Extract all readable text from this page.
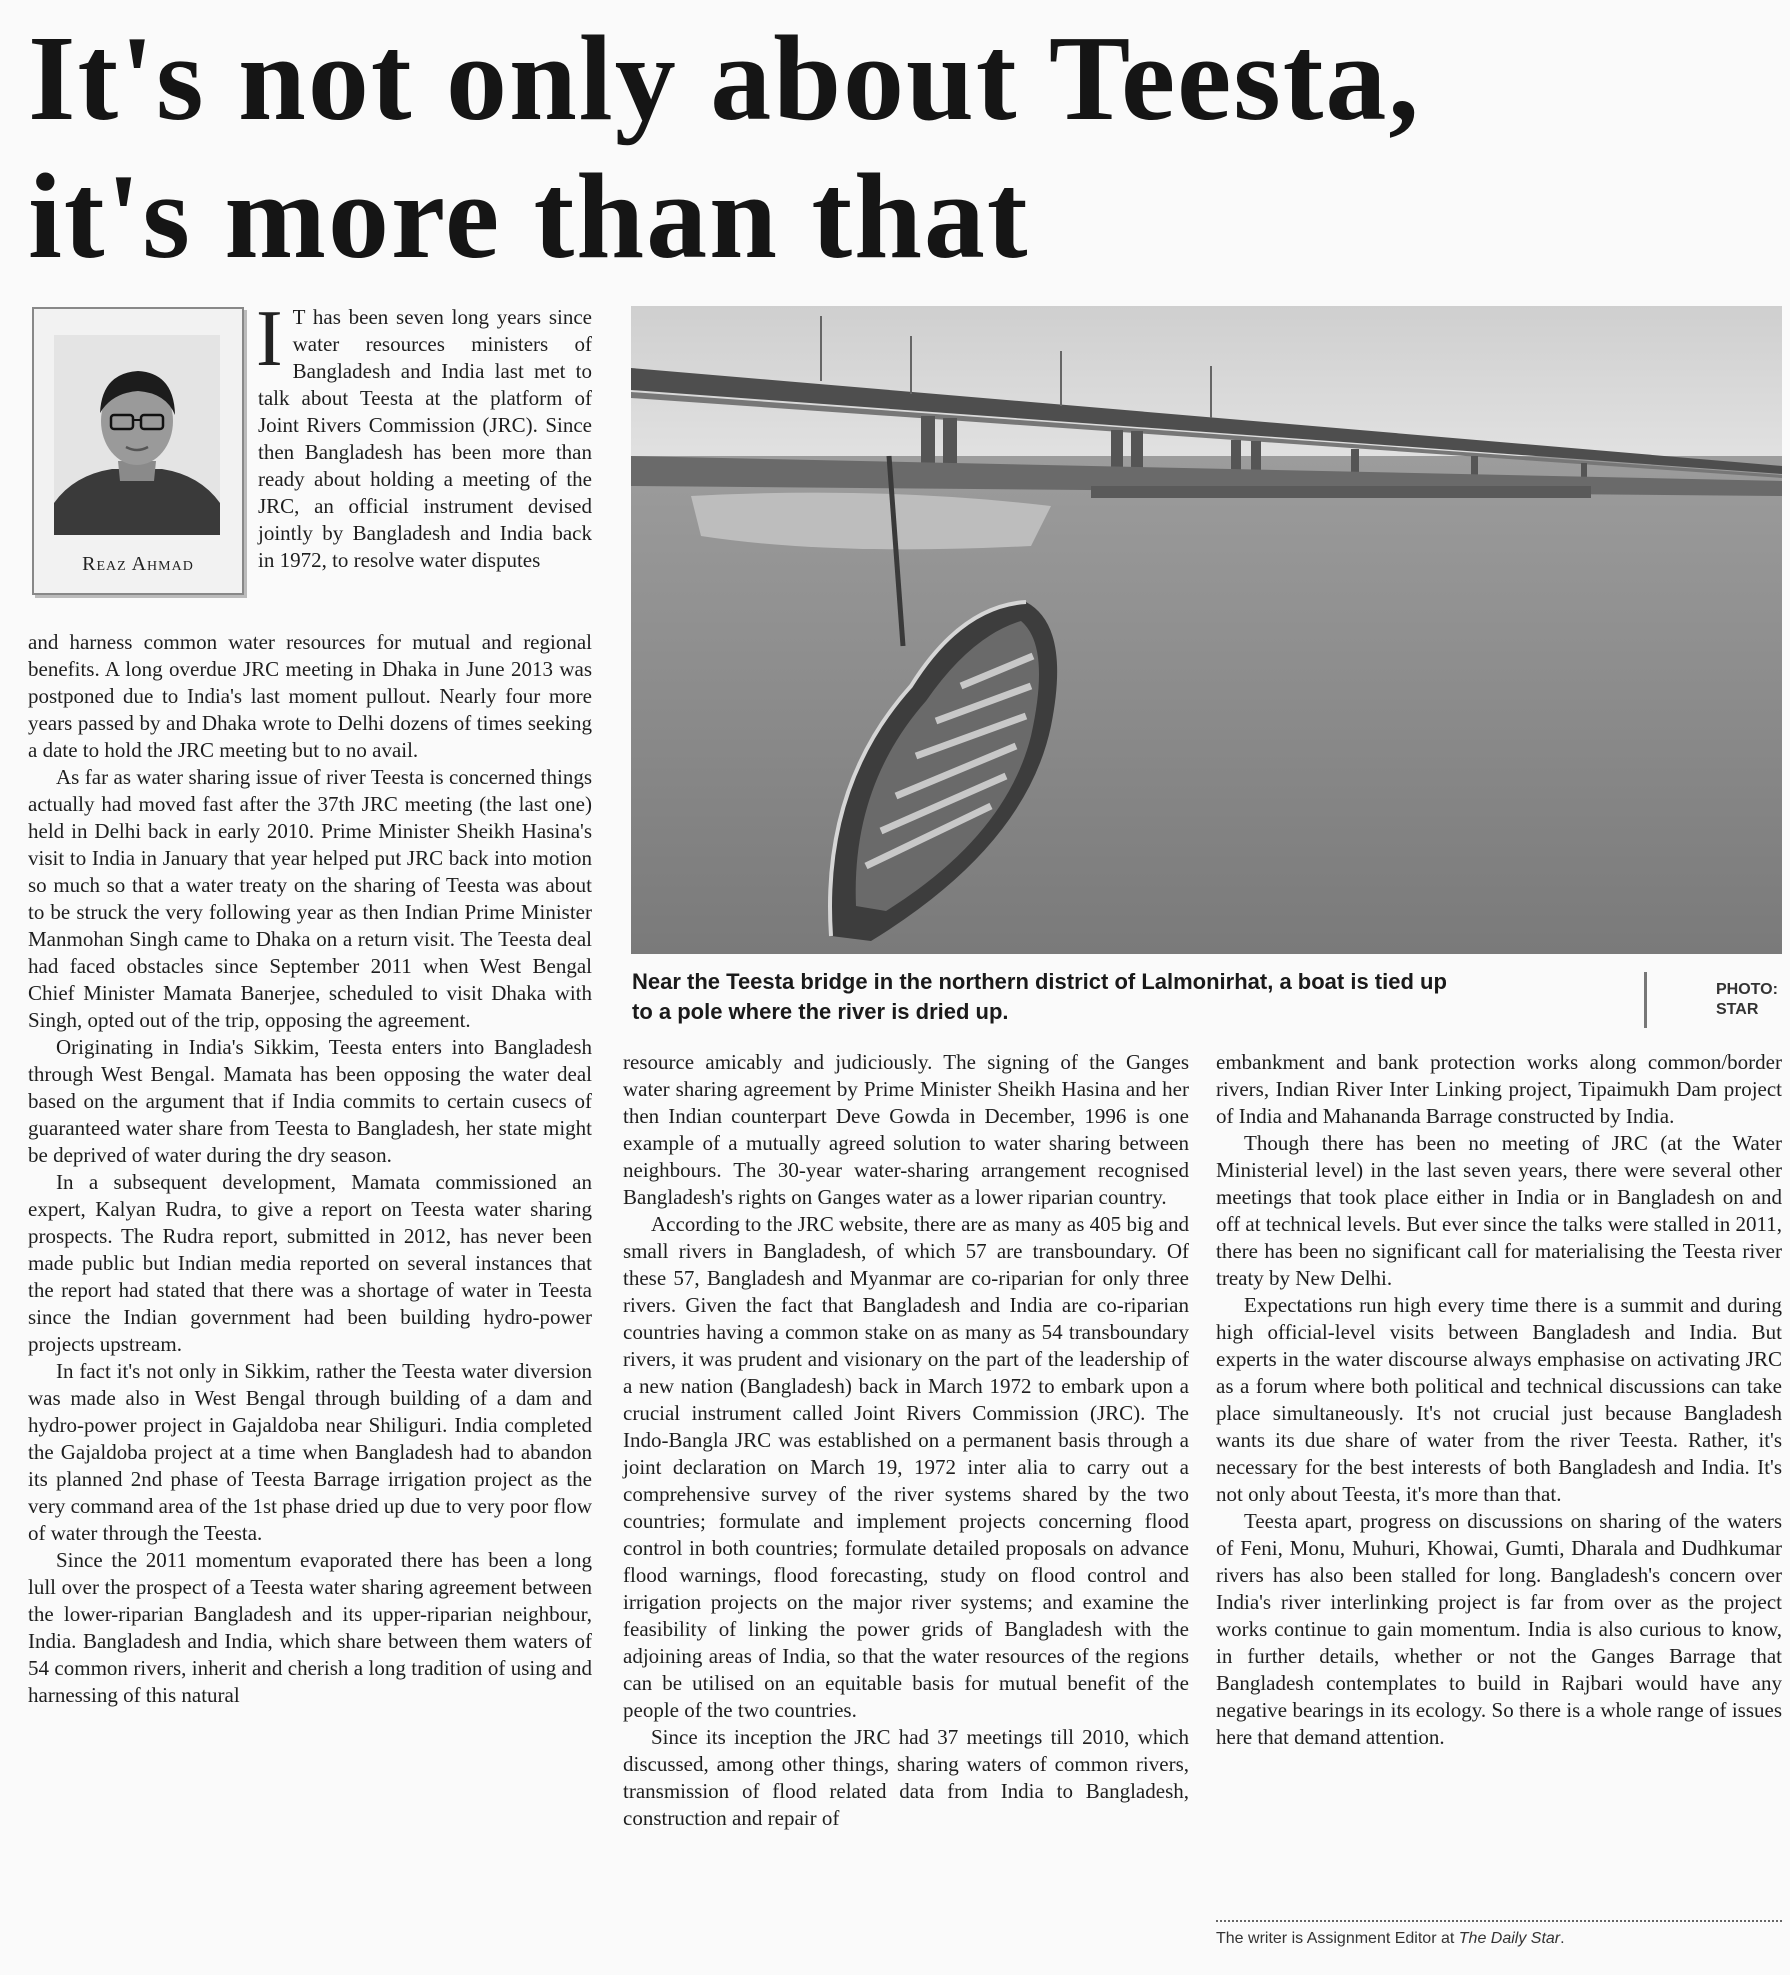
It's not only about Teesta,
it's more than that
Reaz Ahmad
I T has been seven long years since water resources ministers of Bangladesh and India last met to talk about Teesta at the platform of Joint Rivers Commission (JRC). Since then Bangladesh has been more than ready about holding a meeting of the JRC, an official instrument devised jointly by Bangladesh and India back in 1972, to resolve water disputes

and harness common water resources for mutual and regional benefits. A long overdue JRC meeting in Dhaka in June 2013 was postponed due to India's last moment pullout. Nearly four more years passed by and Dhaka wrote to Delhi dozens of times seeking a date to hold the JRC meeting but to no avail.

As far as water sharing issue of river Teesta is concerned things actually had moved fast after the 37th JRC meeting (the last one) held in Delhi back in early 2010. Prime Minister Sheikh Hasina's visit to India in January that year helped put JRC back into motion so much so that a water treaty on the sharing of Teesta was about to be struck the very following year as then Indian Prime Minister Manmohan Singh came to Dhaka on a return visit. The Teesta deal had faced obstacles since September 2011 when West Bengal Chief Minister Mamata Banerjee, scheduled to visit Dhaka with Singh, opted out of the trip, opposing the agreement.

Originating in India's Sikkim, Teesta enters into Bangladesh through West Bengal. Mamata has been opposing the water deal based on the argument that if India commits to certain cusecs of guaranteed water share from Teesta to Bangladesh, her state might be deprived of water during the dry season.

In a subsequent development, Mamata commissioned an expert, Kalyan Rudra, to give a report on Teesta water sharing prospects. The Rudra report, submitted in 2012, has never been made public but Indian media reported on several instances that the report had stated that there was a shortage of water in Teesta since the Indian government had been building hydro-power projects upstream.

In fact it's not only in Sikkim, rather the Teesta water diversion was made also in West Bengal through building of a dam and hydro-power project in Gajaldoba near Shiliguri. India completed the Gajaldoba project at a time when Bangladesh had to abandon its planned 2nd phase of Teesta Barrage irrigation project as the very command area of the 1st phase dried up due to very poor flow of water through the Teesta.

Since the 2011 momentum evaporated there has been a long lull over the prospect of a Teesta water sharing agreement between the lower-riparian Bangladesh and its upper-riparian neighbour, India. Bangladesh and India, which share between them waters of 54 common rivers, inherit and cherish a long tradition of using and harnessing of this natural

Near the Teesta bridge in the northern district of Lalmonirhat, a boat is tied up
to a pole where the river is dried up.
PHOTO:
STAR

resource amicably and judiciously. The signing of the Ganges water sharing agreement by Prime Minister Sheikh Hasina and her then Indian counterpart Deve Gowda in December, 1996 is one example of a mutually agreed solution to water sharing between neighbours. The 30-year water-sharing arrangement recognised Bangladesh's rights on Ganges water as a lower riparian country.

According to the JRC website, there are as many as 405 big and small rivers in Bangladesh, of which 57 are transboundary. Of these 57, Bangladesh and Myanmar are co-riparian for only three rivers. Given the fact that Bangladesh and India are co-riparian countries having a common stake on as many as 54 transboundary rivers, it was prudent and visionary on the part of the leadership of a new nation (Bangladesh) back in March 1972 to embark upon a crucial instrument called Joint Rivers Commission (JRC). The Indo-Bangla JRC was established on a permanent basis through a joint declaration on March 19, 1972 inter alia to carry out a comprehensive survey of the river systems shared by the two countries; formulate and implement projects concerning flood control in both countries; formulate detailed proposals on advance flood warnings, flood forecasting, study on flood control and irrigation projects on the major river systems; and examine the feasibility of linking the power grids of Bangladesh with the adjoining areas of India, so that the water resources of the regions can be utilised on an equitable basis for mutual benefit of the people of the two countries.

Since its inception the JRC had 37 meetings till 2010, which discussed, among other things, sharing waters of common rivers, transmission of flood related data from India to Bangladesh, construction and repair of

embankment and bank protection works along common/border rivers, Indian River Inter Linking project, Tipaimukh Dam project of India and Mahananda Barrage constructed by India.

Though there has been no meeting of JRC (at the Water Ministerial level) in the last seven years, there were several other meetings that took place either in India or in Bangladesh on and off at technical levels. But ever since the talks were stalled in 2011, there has been no significant call for materialising the Teesta river treaty by New Delhi.

Expectations run high every time there is a summit and during high official-level visits between Bangladesh and India. But experts in the water discourse always emphasise on activating JRC as a forum where both political and technical discussions can take place simultaneously. It's not crucial just because Bangladesh wants its due share of water from the river Teesta. Rather, it's necessary for the best interests of both Bangladesh and India. It's not only about Teesta, it's more than that.

Teesta apart, progress on discussions on sharing of the waters of Feni, Monu, Muhuri, Khowai, Gumti, Dharala and Dudhkumar rivers has also been stalled for long. Bangladesh's concern over India's river interlinking project is far from over as the project works continue to gain momentum. India is also curious to know, in further details, whether or not the Ganges Barrage that Bangladesh contemplates to build in Rajbari would have any negative bearings in its ecology. So there is a whole range of issues here that demand attention.

The writer is Assignment Editor at The Daily Star.
